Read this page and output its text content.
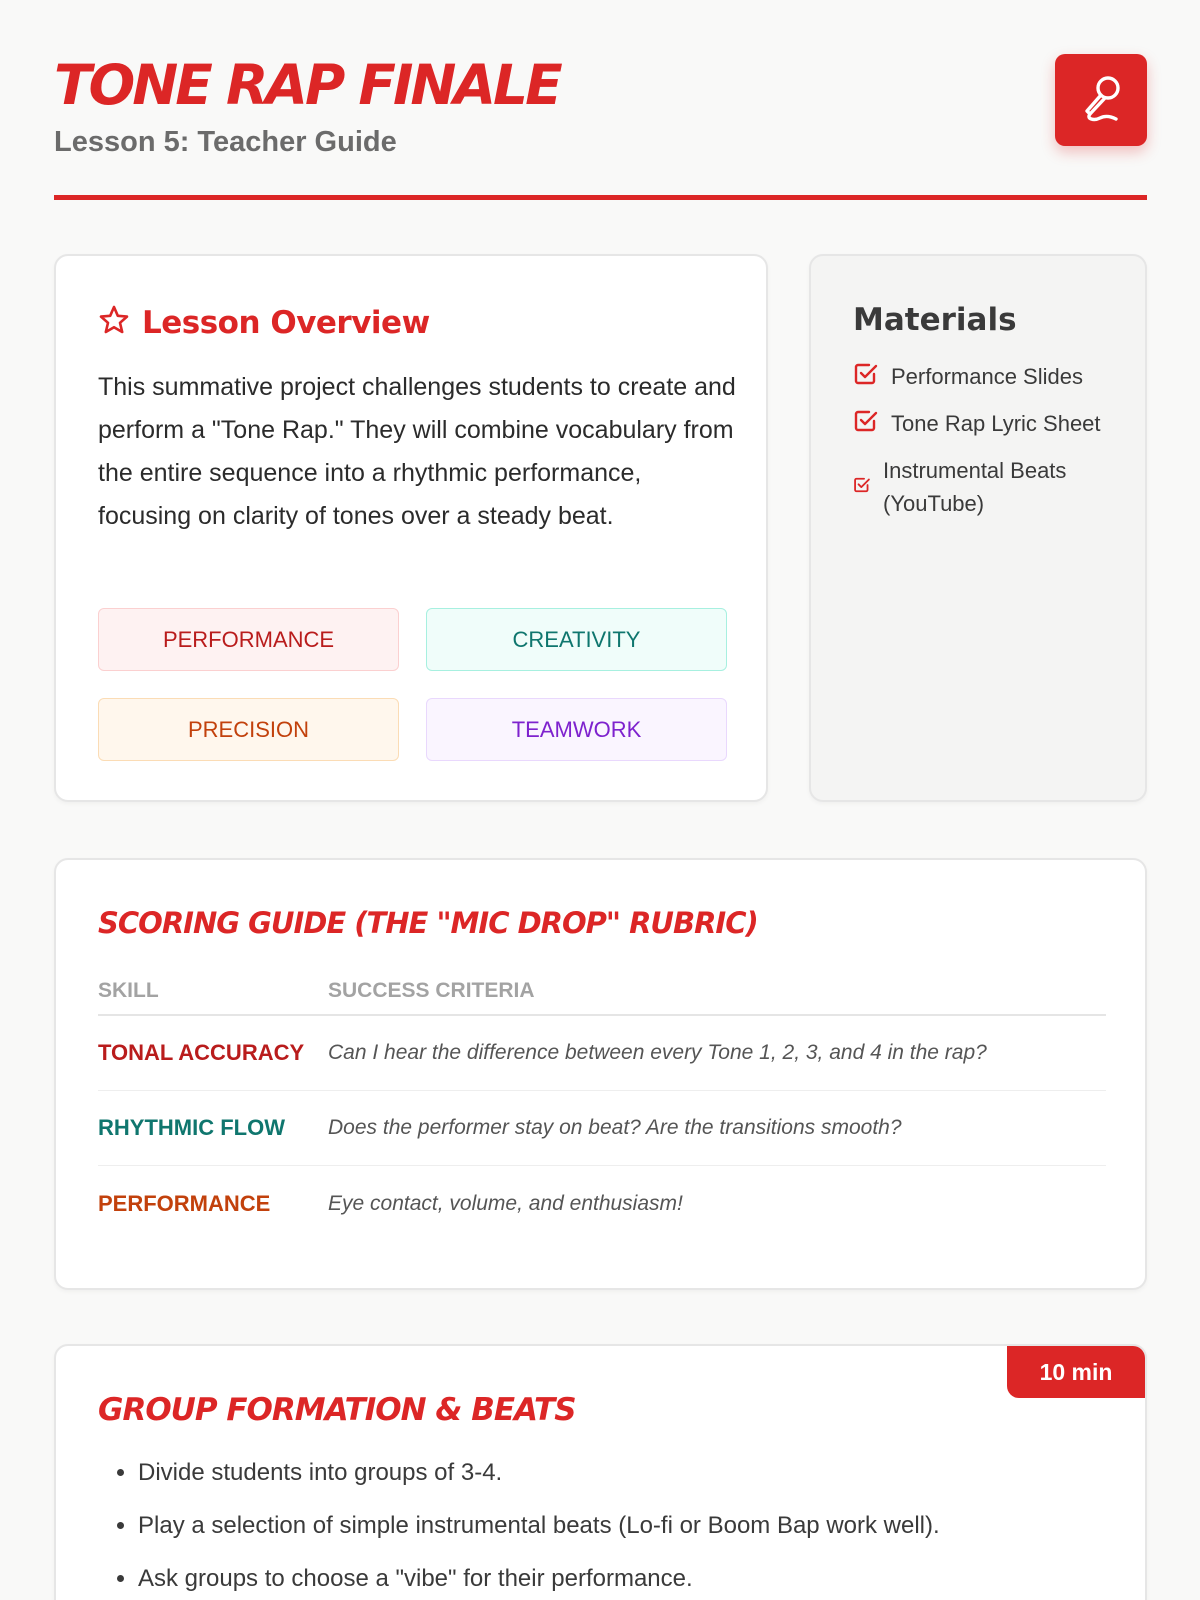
TONE RAP FINALE
Lesson 5: Teacher Guide
Lesson Overview

This summative project challenges students to create and perform a "Tone Rap." They will combine vocabulary from the entire sequence into a rhythmic performance, focusing on clarity of tones over a steady beat.

PERFORMANCE	CREATIVITY
PRECISION	TEAMWORK
Materials
Performance Slides
Tone Rap Lyric Sheet
Instrumental Beats (YouTube)
SCORING GUIDE (THE "MIC DROP" RUBRIC)
SKILL	SUCCESS CRITERIA
TONAL ACCURACY	Can I hear the difference between every Tone 1, 2, 3, and 4 in the rap?
RHYTHMIC FLOW	Does the performer stay on beat? Are the transitions smooth?
PERFORMANCE	Eye contact, volume, and enthusiasm!
10 min
GROUP FORMATION & BEATS
• Divide students into groups of 3-4.
• Play a selection of simple instrumental beats (Lo-fi or Boom Bap work well).
• Ask groups to choose a "vibe" for their performance.
